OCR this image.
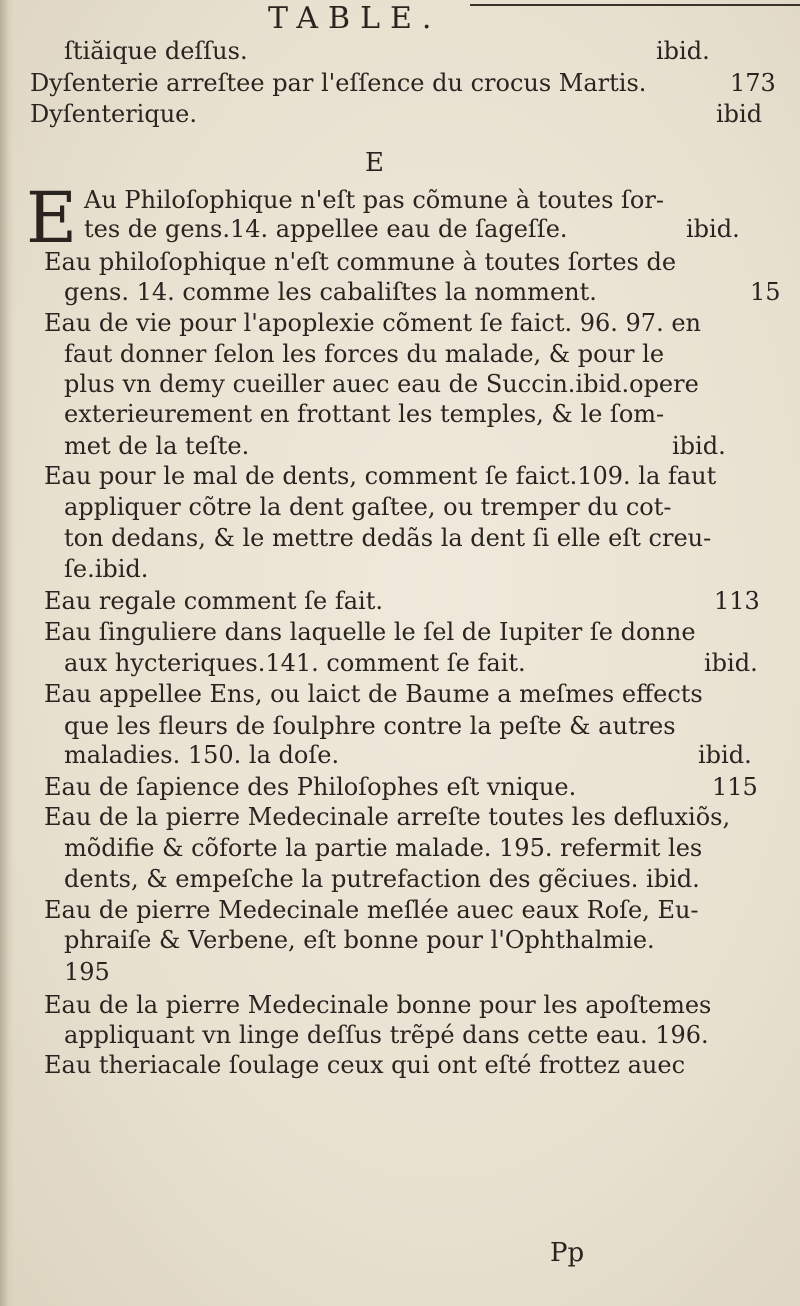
TABLE.
E
E
ſtiӑique deſſus.	ibid.
Dyſenterie arreſtee par l'eſſence du crocus Martis.	173
Dyſenterique.	ibid
Au Philoſophique n'eſt pas cõmune à toutes ſor-
tes de gens.14. appellee eau de ſageſſe.	ibid.
Eau philoſophique n'eſt commune à toutes ſortes de
gens. 14. comme les cabaliſtes la nomment.	15
Eau de vie pour l'apoplexie cõment ſe faiсt. 96. 97. en
faut donner ſelon les forces du malade, & pour le
plus vn demy cueiller auec eau de Succin.ibid.opere
exterieurement en frottant les temples, & le ſom-
met de la teſte.	ibid.
Eau pour le mal de dents, comment ſe faiсt.109. la faut
appliquer cõtre la dent gaſtee, ou tremper du cot-
ton dedans, & le mettre dedãs la dent ſi elle eſt creu-
ſe.ibid.
Eau regale comment ſe fait.	113
Eau ſinguliere dans laquelle le ſel de Iupiter ſe donne
aux hyсteriques.141. comment ſe fait.	ibid.
Eau appellee Ens, ou laiсt de Baume a meſmes effeсts
que les fleurs de ſoulphre contre la peſte & autres
maladies. 150. la doſe.	ibid.
Eau de ſapience des Philoſophes eſt vnique.	115
Eau de la pierre Medecinale arreſte toutes les defluxiõs,
mõdifie & cõforte la partie malade. 195. refermit les
dents, & empeſche la putrefaсtion des gẽciues. ibid.
Eau de pierre Medecinale meſlée auec eaux Roſe, Eu-
phraiſe & Verbene, eſt bonne pour l'Ophthalmie.
195
Eau de la pierre Medecinale bonne pour les apoſtemes
appliquant vn linge deſſus trẽpé dans cette eau. 196.
Eau theriacale ſoulage ceux qui ont eſté frottez auec
Pp
